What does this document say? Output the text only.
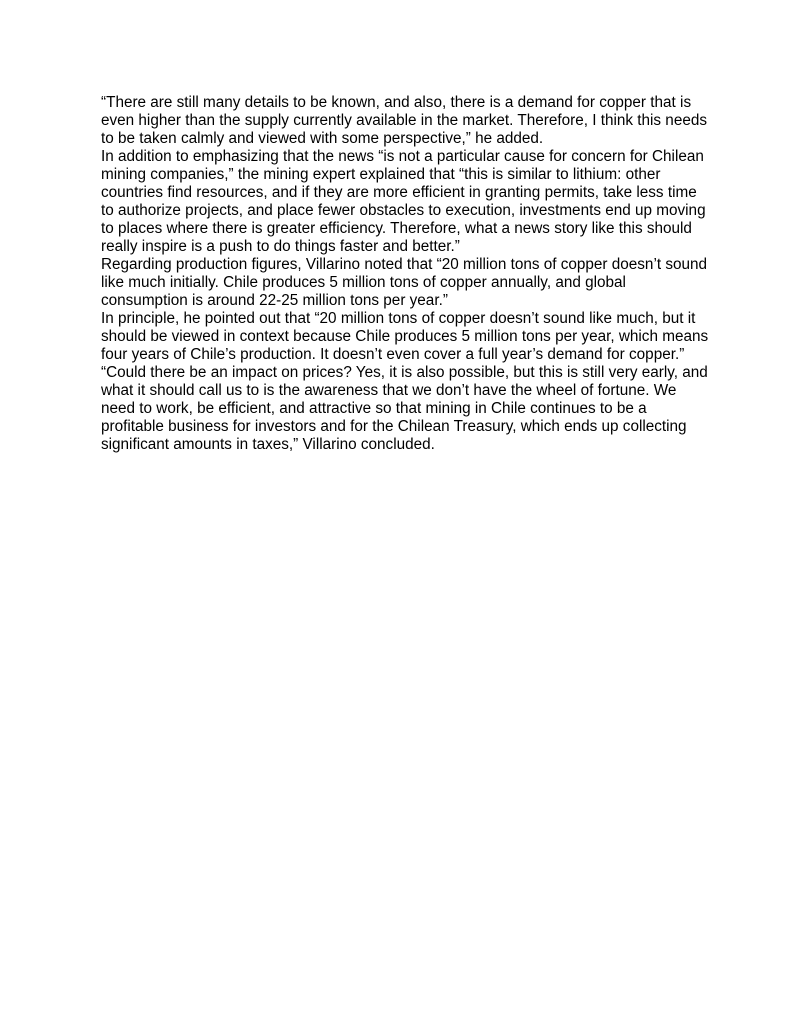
“There are still many details to be known, and also, there is a demand for copper that is even higher than the supply currently available in the market. Therefore, I think this needs to be taken calmly and viewed with some perspective,” he added.

In addition to emphasizing that the news “is not a particular cause for concern for Chilean mining companies,” the mining expert explained that “this is similar to lithium: other countries find resources, and if they are more efficient in granting permits, take less time to authorize projects, and place fewer obstacles to execution, investments end up moving to places where there is greater efficiency. Therefore, what a news story like this should really inspire is a push to do things faster and better.”

Regarding production figures, Villarino noted that “20 million tons of copper doesn’t sound like much initially. Chile produces 5 million tons of copper annually, and global consumption is around 22-25 million tons per year.”

In principle, he pointed out that “20 million tons of copper doesn’t sound like much, but it should be viewed in context because Chile produces 5 million tons per year, which means four years of Chile’s production. It doesn’t even cover a full year’s demand for copper.”

“Could there be an impact on prices? Yes, it is also possible, but this is still very early, and what it should call us to is the awareness that we don’t have the wheel of fortune. We need to work, be efficient, and attractive so that mining in Chile continues to be a profitable business for investors and for the Chilean Treasury, which ends up collecting significant amounts in taxes,” Villarino concluded.
